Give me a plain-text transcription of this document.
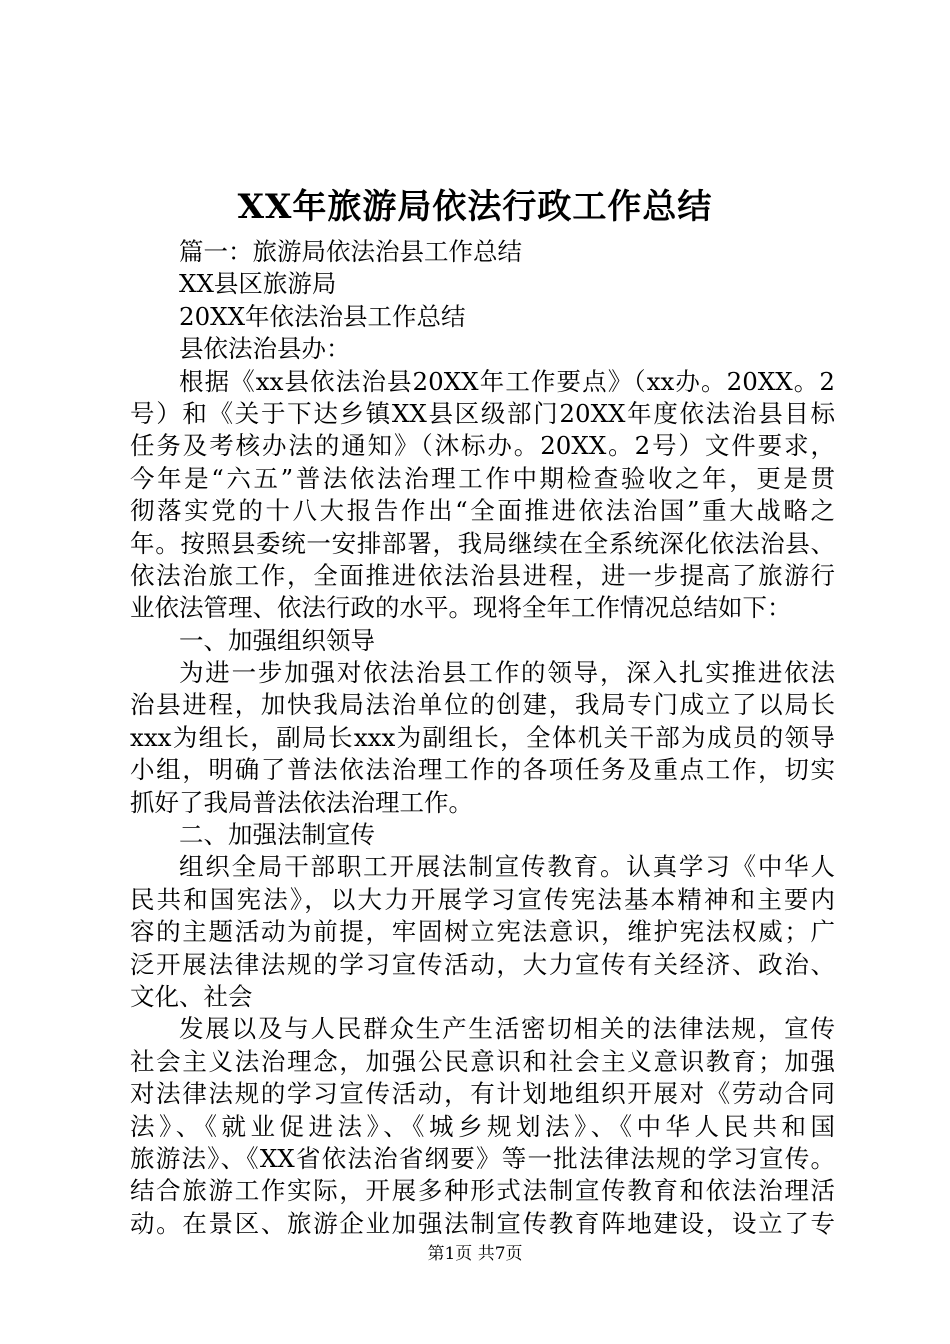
XX年旅游局依法行政工作总结
篇一：旅游局依法治县工作总结
XX县区旅游局
20XX年依法治县工作总结
县依法治县办：
根据《xx县依法治县20XX年工作要点》（xx办。20XX。2
号）和《关于下达乡镇XX县区级部门20XX年度依法治县目标
任务及考核办法的通知》（沐标办。20XX。2号）文件要求，
今年是“六五”普法依法治理工作中期检查验收之年，更是贯
彻落实党的十八大报告作出“全面推进依法治国”重大战略之
年。按照县委统一安排部署，我局继续在全系统深化依法治县、
依法治旅工作，全面推进依法治县进程，进一步提高了旅游行
业依法管理、依法行政的水平。现将全年工作情况总结如下：
一、加强组织领导
为进一步加强对依法治县工作的领导，深入扎实推进依法
治县进程，加快我局法治单位的创建，我局专门成立了以局长
xxx为组长，副局长xxx为副组长，全体机关干部为成员的领导
小组，明确了普法依法治理工作的各项任务及重点工作，切实
抓好了我局普法依法治理工作。
二、加强法制宣传
组织全局干部职工开展法制宣传教育。认真学习《中华人
民共和国宪法》，以大力开展学习宣传宪法基本精神和主要内
容的主题活动为前提，牢固树立宪法意识，维护宪法权威；广
泛开展法律法规的学习宣传活动，大力宣传有关经济、政治、
文化、社会
发展以及与人民群众生产生活密切相关的法律法规，宣传
社会主义法治理念，加强公民意识和社会主义意识教育；加强
对法律法规的学习宣传活动，有计划地组织开展对《劳动合同
法》、《就业促进法》、《城乡规划法》、《中华人民共和国
旅游法》、《XX省依法治省纲要》等一批法律法规的学习宣传。
结合旅游工作实际，开展多种形式法制宣传教育和依法治理活
动。在景区、旅游企业加强法制宣传教育阵地建设，设立了专
第1页 共7页
